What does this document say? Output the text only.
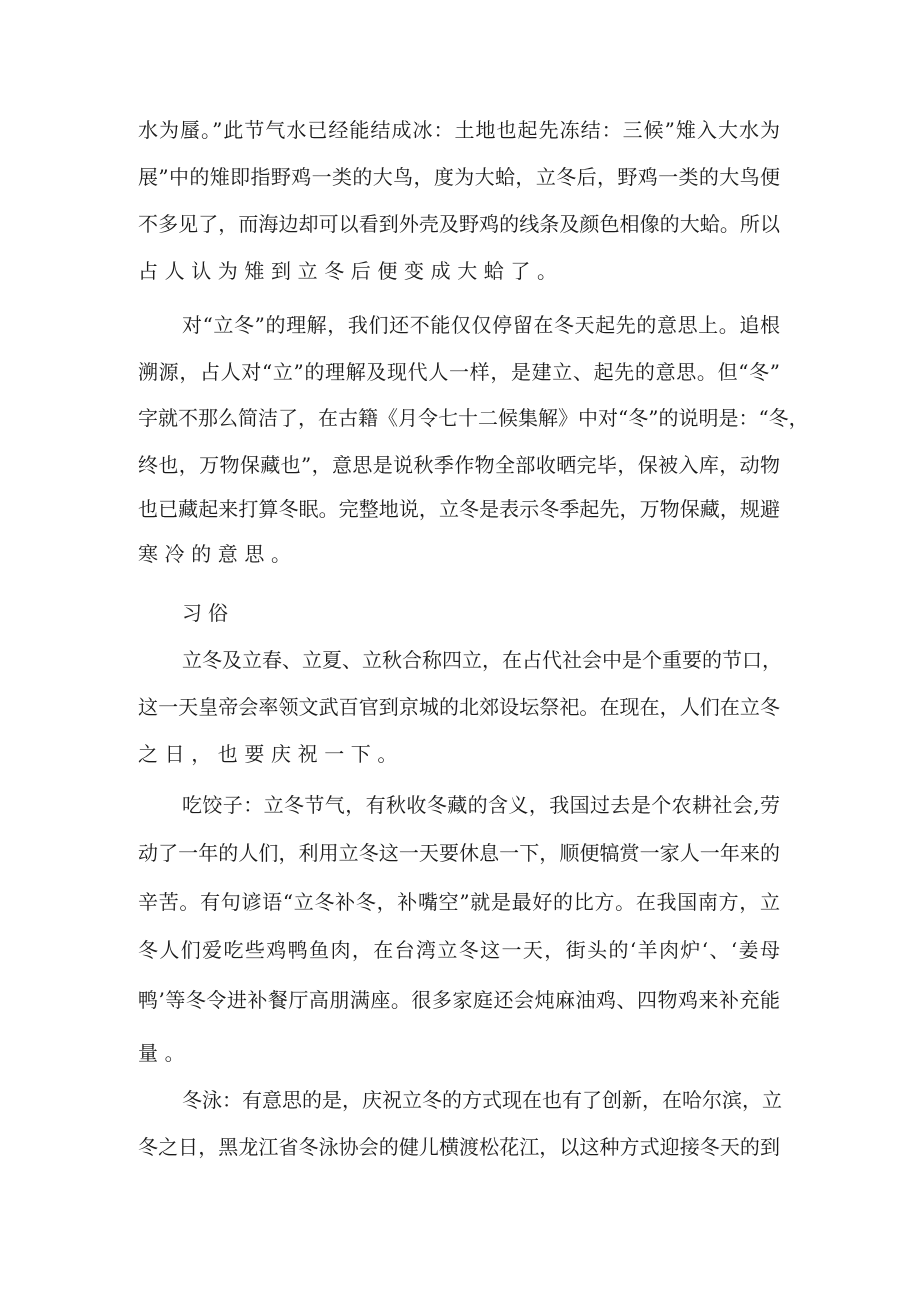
水为蜃。”此节气水已经能结成冰：土地也起先冻结：三候”雉入大水为
展”中的雉即指野鸡一类的大鸟，度为大蛤，立冬后，野鸡一类的大鸟便
不多见了，而海边却可以看到外壳及野鸡的线条及颜色相像的大蛤。所以
占人认为雉到立冬后便变成大蛤了。
对“立冬”的理解，我们还不能仅仅停留在冬天起先的意思上。追根
溯源，占人对“立”的理解及现代人一样，是建立、起先的意思。但“冬”
字就不那么简洁了，在古籍《月令七十二候集解》中对“冬”的说明是：“冬，
终也，万物保藏也”，意思是说秋季作物全部收晒完毕，保被入库，动物
也已藏起来打算冬眠。完整地说，立冬是表示冬季起先，万物保藏，规避
寒冷的意思。
习俗
立冬及立春、立夏、立秋合称四立，在占代社会中是个重要的节口，
这一天皇帝会率领文武百官到京城的北郊设坛祭祀。在现在，人们在立冬
之日，也要庆祝一下。
吃饺子：立冬节气，有秋收冬藏的含义，我国过去是个农耕社会,劳
动了一年的人们，利用立冬这一天要休息一下，顺便犒赏一家人一年来的
辛苦。有句谚语“立冬补冬，补嘴空”就是最好的比方。在我国南方，立
冬人们爱吃些鸡鸭鱼肉，在台湾立冬这一天，街头的‘羊肉炉‘、‘姜母
鸭’等冬令进补餐厅高朋满座。很多家庭还会炖麻油鸡、四物鸡来补充能
量。
冬泳：有意思的是，庆祝立冬的方式现在也有了创新，在哈尔滨，立
冬之日，黑龙江省冬泳协会的健儿横渡松花江，以这种方式迎接冬天的到
